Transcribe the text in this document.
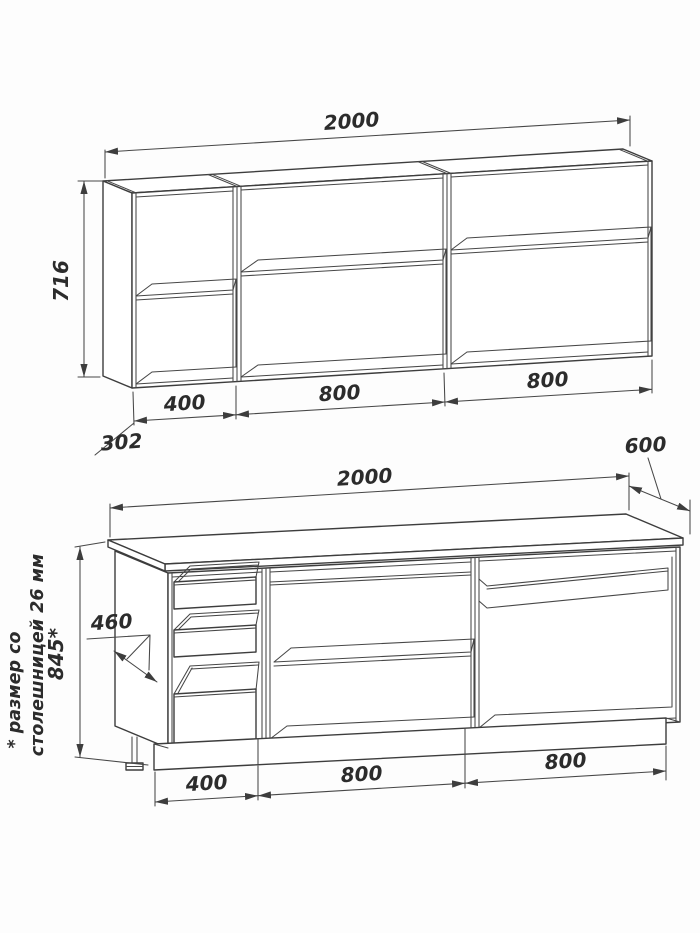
2000
716
400	800	800
302
2000
600
845*
460
400	800	800
* размер со столешницей 26 мм
